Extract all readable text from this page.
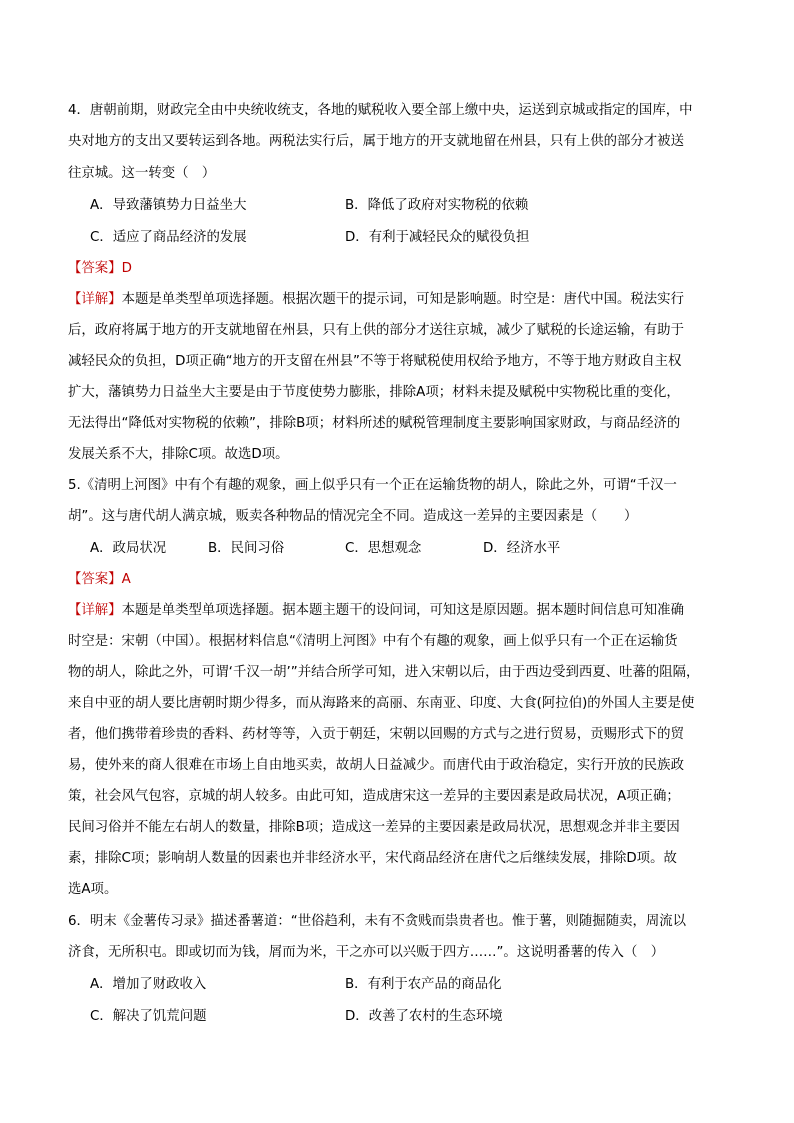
4．唐朝前期，财政完全由中央统收统支，各地的赋税收入要全部上缴中央，运送到京城或指定的国库，中
央对地方的支出又要转运到各地。两税法实行后，属于地方的开支就地留在州县，只有上供的部分才被送
往京城。这一转变（　）
A．导致藩镇势力日益坐大	B．降低了政府对实物税的依赖
C．适应了商品经济的发展	D．有利于减轻民众的赋役负担
【答案】D
【详解】本题是单类型单项选择题。根据次题干的提示词，可知是影响题。时空是：唐代中国。税法实行
后，政府将属于地方的开支就地留在州县，只有上供的部分才送往京城，减少了赋税的长途运输，有助于
减轻民众的负担，D项正确“地方的开支留在州县”不等于将赋税使用权给予地方，不等于地方财政自主权
扩大，藩镇势力日益坐大主要是由于节度使势力膨胀，排除A项；材料未提及赋税中实物税比重的变化，
无法得出“降低对实物税的依赖”，排除B项；材料所述的赋税管理制度主要影响国家财政，与商品经济的
发展关系不大，排除C项。故选D项。
5.《清明上河图》中有个有趣的观象，画上似乎只有一个正在运输货物的胡人，除此之外，可谓“千汉一
胡”。这与唐代胡人满京城，贩卖各种物品的情况完全不同。造成这一差异的主要因素是（　　）
A．政局状况	B．民间习俗	C．思想观念	D．经济水平
【答案】A
【详解】本题是单类型单项选择题。据本题主题干的设问词，可知这是原因题。据本题时间信息可知准确
时空是：宋朝（中国）。根据材料信息“《清明上河图》中有个有趣的观象，画上似乎只有一个正在运输货
物的胡人，除此之外，可谓‘千汉一胡’”并结合所学可知，进入宋朝以后，由于西边受到西夏、吐蕃的阻隔，
来自中亚的胡人要比唐朝时期少得多，而从海路来的高丽、东南亚、印度、大食(阿拉伯)的外国人主要是使
者，他们携带着珍贵的香料、药材等等，入贡于朝廷，宋朝以回赐的方式与之进行贸易，贡赐形式下的贸
易，使外来的商人很难在市场上自由地买卖，故胡人日益减少。而唐代由于政治稳定，实行开放的民族政
策，社会风气包容，京城的胡人较多。由此可知，造成唐宋这一差异的主要因素是政局状况，A项正确；
民间习俗并不能左右胡人的数量，排除B项；造成这一差异的主要因素是政局状况，思想观念并非主要因
素，排除C项；影响胡人数量的因素也并非经济水平，宋代商品经济在唐代之后继续发展，排除D项。故
选A项。
6．明末《金薯传习录》描述番薯道：“世俗趋利，未有不贪贱而祟贵者也。惟于薯，则随掘随卖，周流以
济食，无所积屯。即或切而为钱，屑而为米，干之亦可以兴贩于四方……”。这说明番薯的传入（　）
A．增加了财政收入	B．有利于农产品的商品化
C．解决了饥荒问题	D．改善了农村的生态环境
